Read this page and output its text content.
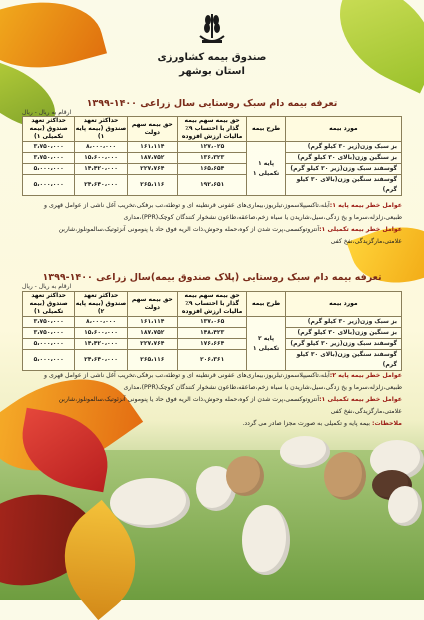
صندوق بیمه کشاورزی
استان بوشهر
تعرفه بیمه دام سبک روستایی سال زراعی ۱۴۰۰-۱۳۹۹
ارقام به ریال - ریال
مورد بیمه	طرح بیمه	حق بیمه سهم بیمه گذار با احتساب ۹٪ مالیات ارزش افزوده	حق بیمه سهم دولت	حداکثر تعهد صندوق (بیمه پایه ۱)	حداکثر تعهد صندوق (بیمه تکمیلی ۱)
بز سبک وزن(زیر ۳۰ کیلو گرم)	پایه ۱ تکمیلی ۱	۱۲۷،۰۲۵	۱۶۱،۱۱۴	۸،۰۰۰،۰۰۰	۳،۷۵۰،۰۰۰
بز سنگین وزن(بالای ۳۰ کیلو گرم)		۱۳۶،۳۲۳	۱۸۷،۷۵۲	۱۵،۶۰۰،۰۰۰	۳،۷۵۰،۰۰۰
گوسفند سبک وزن(زیر ۳۰ کیلو گرم)		۱۶۵،۶۵۴	۲۲۷،۷۶۴	۱۴،۴۲۰،۰۰۰	۵،۰۰۰،۰۰۰
گوسفند سنگین وزن(بالای ۳۰ کیلو گرم)		۱۹۲،۶۵۱	۲۶۵،۱۱۶	۲۴،۶۴۰،۰۰۰	۵،۰۰۰،۰۰۰
عوامل خطر بیمه پایه ۱:آبله،تاکسیپلاسموز،تیلریوز،بیماری‌های عفونی قرنطینه ای و توطئه،تب برفکی،تخریب آغل ناشی از عوامل قهری و
طبیعی،زلزله،سرما و یخ زدگی،سیل،شاریدن یا سیاه زخم،صاعقه،طاعون نشخوار کنندگان کوچک(PPR)،مداری
عوامل خطر بیمه تکمیلی ۱:آنتروتوکسمی،پرت شدن از کوه،حمله وحوش،ذات الریه فوق حاد یا پنومونی آنزئوتیک،سالمونلوز،شاربن
علامتی،مارگزیدگی،نفخ کفی
تعرفه بیمه دام سبک روستایی (پلاک صندوق بیمه)سال زراعی ۱۴۰۰-۱۳۹۹
ارقام به ریال - ریال
مورد بیمه	طرح بیمه	حق بیمه سهم بیمه گذار با احتساب ۹٪ مالیات ارزش افزوده	حق بیمه سهم دولت	حداکثر تعهد صندوق (بیمه پایه ۲)	حداکثر تعهد صندوق (بیمه تکمیلی ۱)
بز سبک وزن(زیر ۳۰ کیلو گرم)	پایه ۲ تکمیلی ۱	۱۳۷،۰۶۵	۱۶۱،۱۱۴	۸،۰۰۰،۰۰۰	۳،۷۵۰،۰۰۰
بز سنگین وزن(بالای ۳۰ کیلو گرم)		۱۴۸،۴۲۳	۱۸۷،۷۵۲	۱۵،۶۰۰،۰۰۰	۳،۷۵۰،۰۰۰
گوسفند سبک وزن(زیر ۳۰ کیلو گرم)		۱۷۶،۶۶۴	۲۲۷،۷۶۴	۱۴،۴۲۰،۰۰۰	۵،۰۰۰،۰۰۰
گوسفند سنگین وزن(بالای ۳۰ کیلو گرم)		۲۰۶،۳۶۱	۲۶۵،۱۱۶	۲۴،۶۴۰،۰۰۰	۵،۰۰۰،۰۰۰
عوامل خطر بیمه پایه ۲:آبله،تاکسیپلاسموز،تیلریوز،بیماری‌های عفونی قرنطینه ای و توطئه،تب برفکی،تخریب آغل ناشی از عوامل قهری و
طبیعی،زلزله،سرما و یخ زدگی،سیل،شاریدن یا سیاه زخم،صاعقه،طاعون نشخوار کنندگان کوچک(PPR)،مداری
عوامل خطر بیمه تکمیلی ۱:آنتروتوکسمی،پرت شدن از کوه،حمله وحوش،ذات الریه فوق حاد یا پنومونی آنزئوتیک،سالمونلوز،شاربن
علامتی،مارگزیدگی،نفخ کفی
ملاحظات: بیمه پایه و تکمیلی به صورت مجزا صادر می گردد.
